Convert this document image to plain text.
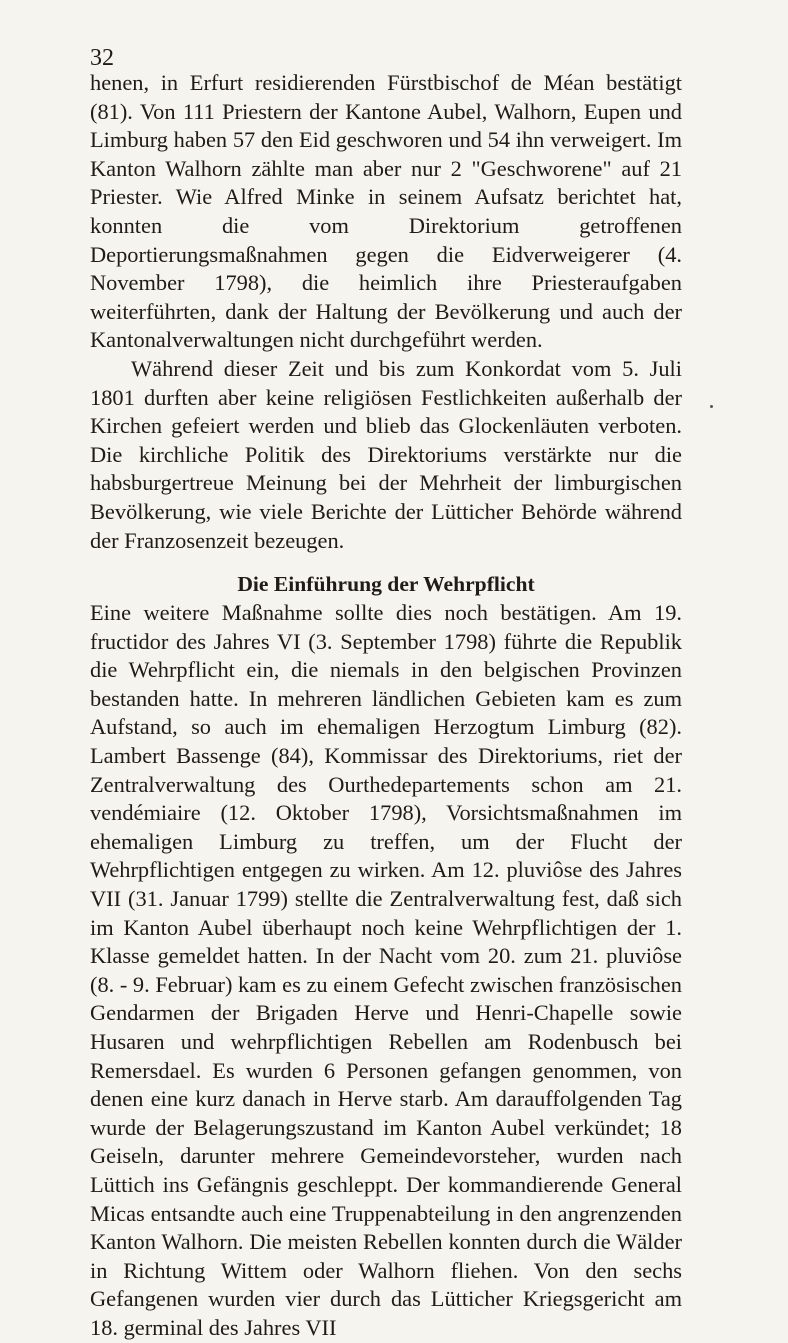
32

henen, in Erfurt residierenden Fürstbischof de Méan bestätigt (81). Von 111 Priestern der Kantone Aubel, Walhorn, Eupen und Limburg haben 57 den Eid geschworen und 54 ihn verweigert. Im Kanton Walhorn zählte man aber nur 2 "Geschworene" auf 21 Priester. Wie Alfred Minke in seinem Aufsatz berichtet hat, konnten die vom Direktorium getroffenen Deportierungsmaßnahmen gegen die Eidverweigerer (4. November 1798), die heimlich ihre Priesteraufgaben weiterführten, dank der Haltung der Bevölkerung und auch der Kantonalverwaltungen nicht durchgeführt werden.

Während dieser Zeit und bis zum Konkordat vom 5. Juli 1801 durften aber keine religiösen Festlichkeiten außerhalb der Kirchen gefeiert werden und blieb das Glockenläuten verboten. Die kirchliche Politik des Direktoriums verstärkte nur die habsburgertreue Meinung bei der Mehrheit der limburgischen Bevölkerung, wie viele Berichte der Lütticher Behörde während der Franzosenzeit bezeugen.

Die Einführung der Wehrpflicht

Eine weitere Maßnahme sollte dies noch bestätigen. Am 19. fructidor des Jahres VI (3. September 1798) führte die Republik die Wehrpflicht ein, die niemals in den belgischen Provinzen bestanden hatte. In mehreren ländlichen Gebieten kam es zum Aufstand, so auch im ehemaligen Herzogtum Limburg (82). Lambert Bassenge (84), Kommissar des Direktoriums, riet der Zentralverwaltung des Ourthedepartements schon am 21. vendémiaire (12. Oktober 1798), Vorsichtsmaßnahmen im ehemaligen Limburg zu treffen, um der Flucht der Wehrpflichtigen entgegen zu wirken. Am 12. pluviôse des Jahres VII (31. Januar 1799) stellte die Zentralverwaltung fest, daß sich im Kanton Aubel überhaupt noch keine Wehrpflichtigen der 1. Klasse gemeldet hatten. In der Nacht vom 20. zum 21. pluviôse (8. - 9. Februar) kam es zu einem Gefecht zwischen französischen Gendarmen der Brigaden Herve und Henri-Chapelle sowie Husaren und wehrpflichtigen Rebellen am Rodenbusch bei Remersdael. Es wurden 6 Personen gefangen genommen, von denen eine kurz danach in Herve starb. Am darauffolgenden Tag wurde der Belagerungszustand im Kanton Aubel verkündet; 18 Geiseln, darunter mehrere Gemeindevorsteher, wurden nach Lüttich ins Gefängnis geschleppt. Der kommandierende General Micas entsandte auch eine Truppenabteilung in den angrenzenden Kanton Walhorn. Die meisten Rebellen konnten durch die Wälder in Richtung Wittem oder Walhorn fliehen. Von den sechs Gefangenen wurden vier durch das Lütticher Kriegsgericht am 18. germinal des Jahres VII
